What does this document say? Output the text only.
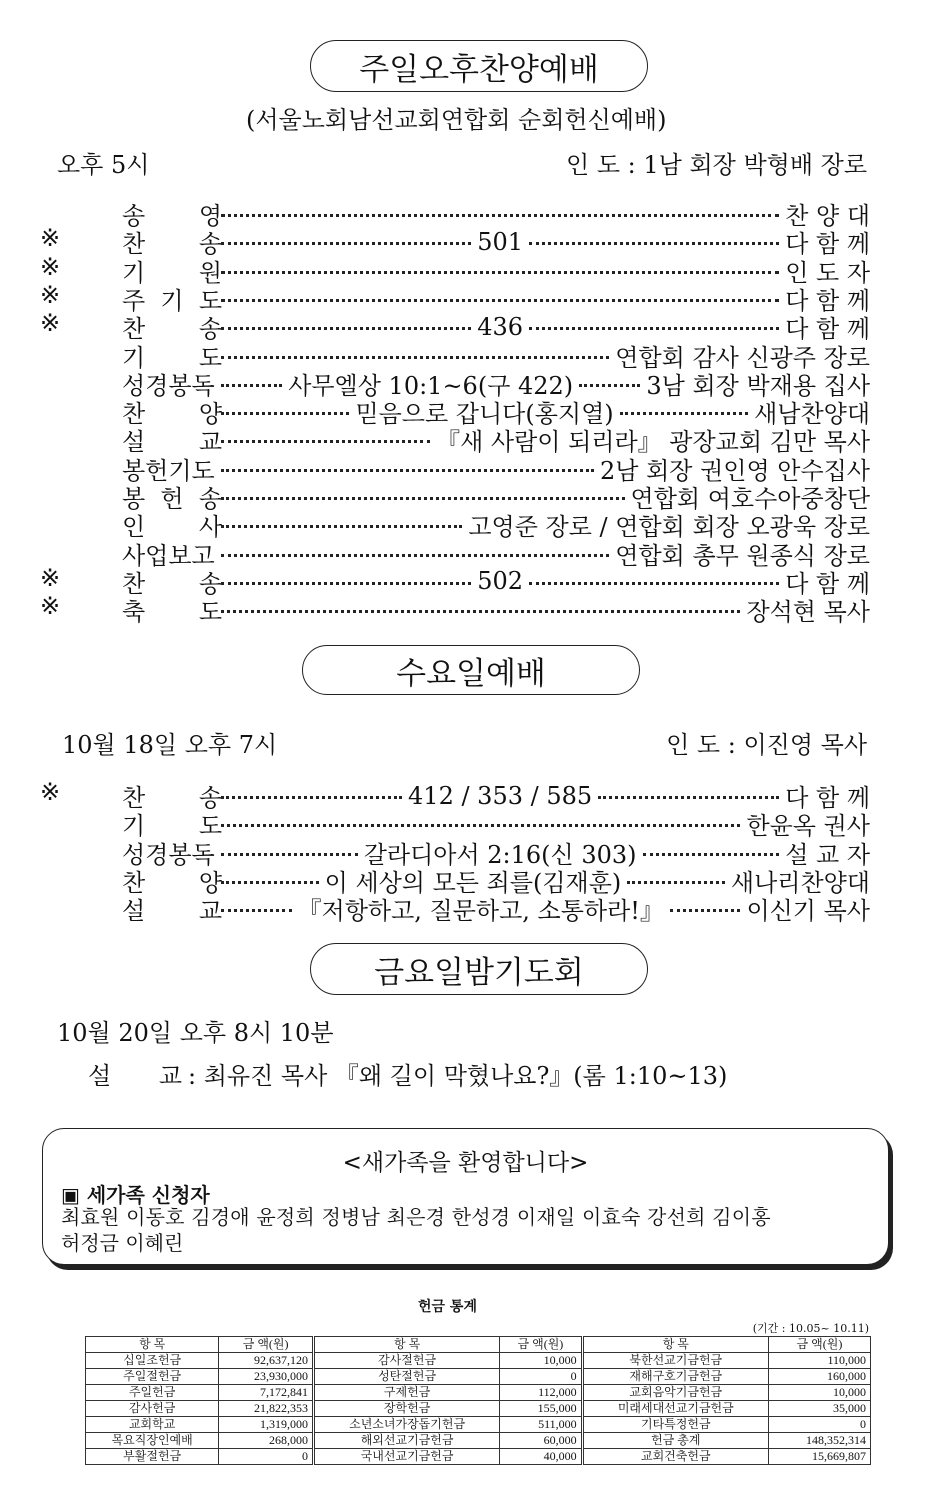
주일오후찬양예배
(서울노회남선교회연합회 순회헌신예배)
오후 5시	인 도 : 1남 회장 박형배 장로
송 영	찬 양 대
※	찬 송	501	다 함 께
※	기 원	인 도 자
※	주 기 도	다 함 께
※	찬 송	436	다 함 께
기 도	연합회 감사 신광주 장로
성경봉독	사무엘상 10:1~6(구 422)	3남 회장 박재용 집사
찬 양	믿음으로 갑니다(홍지열)	새남찬양대
설 교	『새 사람이 되리라』 광장교회 김만 목사
봉헌기도	2남 회장 권인영 안수집사
봉 헌 송	연합회 여호수아중창단
인 사	고영준 장로 / 연합회 회장 오광욱 장로
사업보고	연합회 총무 원종식 장로
※	찬 송	502	다 함 께
※	축 도	장석현 목사
수요일예배
10월 18일 오후 7시	인 도 : 이진영 목사
※	찬 송	412 / 353 / 585	다 함 께
기 도	한윤옥 권사
성경봉독	갈라디아서 2:16(신 303)	설 교 자
찬 양	이 세상의 모든 죄를(김재훈)	새나리찬양대
설 교	『저항하고, 질문하고, 소통하라!』	이신기 목사
금요일밤기도회
10월 20일 오후 8시 10분
설 교 : 최유진 목사 『왜 길이 막혔나요?』(롬 1:10~13)
<새가족을 환영합니다>
▣ 세가족 신청자
최효원 이동호 김경애 윤정희 정병남 최은경 한성경 이재일 이효숙 강선희 김이홍
허정금 이혜린
헌금 통계
(기간 : 10.05~ 10.11)
항 목	금 액(원)	항 목	금 액(원)	항 목	금 액(원)
십일조헌금	92,637,120	감사절헌금	10,000	북한선교기금헌금	110,000
주일절헌금	23,930,000	성탄절헌금	0	재해구호기금헌금	160,000
주일헌금	7,172,841	구제헌금	112,000	교회음악기금헌금	10,000
감사헌금	21,822,353	장학헌금	155,000	미래세대선교기금헌금	35,000
교회학교	1,319,000	소년소녀가장돕기헌금	511,000	기타특정헌금	0
목요직장인예배	268,000	해외선교기금헌금	60,000	헌금 총계	148,352,314
부활절헌금	0	국내선교기금헌금	40,000	교회건축헌금	15,669,807
